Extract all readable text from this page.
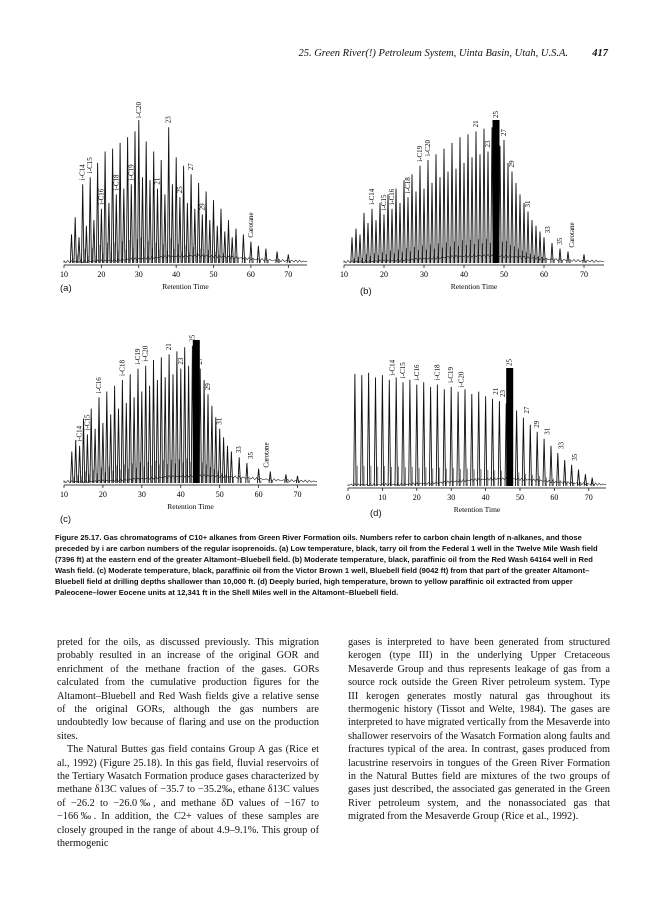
25. Green River(!) Petroleum System, Uinta Basin, Utah, U.S.A. 417
i-C14 i-C15
i-C16
i-C18
i-C19
i-C20
21
23
25
27
29
Carotane
10	20	30	40	50	60	70
Retention Time
(a)
i-C14 i-C15 i-C16
i-C18
i-C19 i-C20
21
23
25
27
29
31
33
35 Carotane
10	20	30	40	50	60	70
Retention Time
(b)
i-C14
i-C15
i-C16
i-C18
i-C19 i-C20 21
23
25
27
29
31
33
35 Carotane
10	20	30	40	50	60	70
Retention Time
(c)
i-C14 i-C15 i-C16 i-C18 i-C19 i-C20
21
23
25
27
29
31
33
35
0	10	20	30	40	50	60	70
Retention Time
(d)
Figure 25.17. Gas chromatograms of C10+ alkanes from Green River Formation oils. Numbers refer to carbon chain length of n-alkanes, and those preceded by i are carbon numbers of the regular isoprenoids. (a) Low temperature, black, tarry oil from the Federal 1 well in the Twelve Mile Wash field (7396 ft) at the eastern end of the greater Altamont–Bluebell field. (b) Moderate temperature, black, paraffinic oil from the Red Wash 64164 well in Red Wash field. (c) Moderate temperature, black, paraffinic oil from the Victor Brown 1 well, Bluebell field (9042 ft) from that part of the greater Altamont–Bluebell field at drilling depths shallower than 10,000 ft. (d) Deeply buried, high temperature, brown to yellow paraffinic oil extracted from upper Paleocene–lower Eocene units at 12,341 ft in the Shell Miles well in the Altamont–Bluebell field.

preted for the oils, as discussed previously. This migration probably resulted in an increase of the original GOR and enrichment of the methane fraction of the gases. GORs calculated from the cumulative production figures for the Altamont–Bluebell and Red Wash fields give a relative sense of the original GORs, although the gas numbers are undoubtedly low because of flaring and use on the production sites.

The Natural Buttes gas field contains Group A gas (Rice et al., 1992) (Figure 25.18). In this gas field, fluvial reservoirs of the Tertiary Wasatch Formation produce gases characterized by methane δ13C values of −35.7 to −35.2‰, ethane δ13C values of −26.2 to −26.0‰, and methane δD values of −167 to −166‰. In addition, the C2+ values of these samples are closely grouped in the range of about 4.9–9.1%. This group of thermogenic

gases is interpreted to have been generated from structured kerogen (type III) in the underlying Upper Cretaceous Mesaverde Group and thus represents leakage of gas from a source rock outside the Green River petroleum system. Type III kerogen generates mostly natural gas throughout its thermogenic history (Tissot and Welte, 1984). The gases are interpreted to have migrated vertically from the Mesaverde into shallower reservoirs of the Wasatch Formation along faults and fractures typical of the area. In contrast, gases produced from lacustrine reservoirs in tongues of the Green River Formation in the Natural Buttes field are mixtures of the two groups of gases just described, the associated gas generated in the Green River petroleum system, and the nonassociated gas that migrated from the Mesaverde Group (Rice et al., 1992).
